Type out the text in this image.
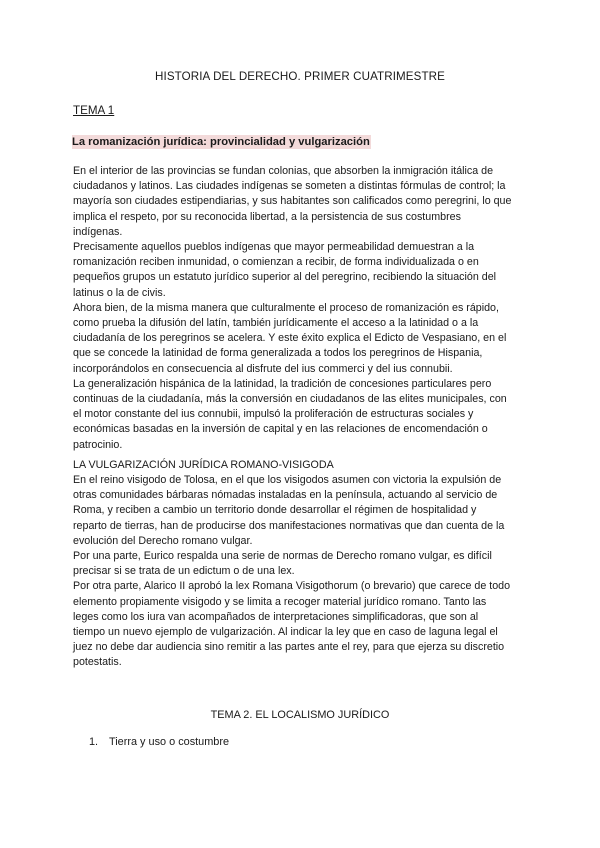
HISTORIA DEL DERECHO. PRIMER CUATRIMESTRE
TEMA 1
La romanización jurídica: provincialidad y vulgarización

En el interior de las provincias se fundan colonias, que absorben la inmigración itálica de ciudadanos y latinos. Las ciudades indígenas se someten a distintas fórmulas de control; la mayoría son ciudades estipendiarias, y sus habitantes son calificados como peregrini, lo que implica el respeto, por su reconocida libertad, a la persistencia de sus costumbres indígenas.

Precisamente aquellos pueblos indígenas que mayor permeabilidad demuestran a la romanización reciben inmunidad, o comienzan a recibir, de forma individualizada o en pequeños grupos un estatuto jurídico superior al del peregrino, recibiendo la situación del latinus o la de civis.

Ahora bien, de la misma manera que culturalmente el proceso de romanización es rápido, como prueba la difusión del latín, también jurídicamente el acceso a la latinidad o a la ciudadanía de los peregrinos se acelera. Y este éxito explica el Edicto de Vespasiano, en el que se concede la latinidad de forma generalizada a todos los peregrinos de Hispania, incorporándolos en consecuencia al disfrute del ius commerci y del ius connubii.

La generalización hispánica de la latinidad, la tradición de concesiones particulares pero continuas de la ciudadanía, más la conversión en ciudadanos de las elites municipales, con el motor constante del ius connubii, impulsó la proliferación de estructuras sociales y económicas basadas en la inversión de capital y en las relaciones de encomendación o patrocinio.

LA VULGARIZACIÓN JURÍDICA ROMANO-VISIGODA

En el reino visigodo de Tolosa, en el que los visigodos asumen con victoria la expulsión de otras comunidades bárbaras nómadas instaladas en la península, actuando al servicio de Roma, y reciben a cambio un territorio donde desarrollar el régimen de hospitalidad y reparto de tierras, han de producirse dos manifestaciones normativas que dan cuenta de la evolución del Derecho romano vulgar.

Por una parte, Eurico respalda una serie de normas de Derecho romano vulgar, es difícil precisar si se trata de un edictum o de una lex.

Por otra parte, Alarico II aprobó la lex Romana Visigothorum (o brevario) que carece de todo elemento propiamente visigodo y se limita a recoger material jurídico romano. Tanto las leges como los iura van acompañados de interpretaciones simplificadoras, que son al tiempo un nuevo ejemplo de vulgarización. Al indicar la ley que en caso de laguna legal el juez no debe dar audiencia sino remitir a las partes ante el rey, para que ejerza su discretio potestatis.

TEMA 2. EL LOCALISMO JURÍDICO
1.	Tierra y uso o costumbre
